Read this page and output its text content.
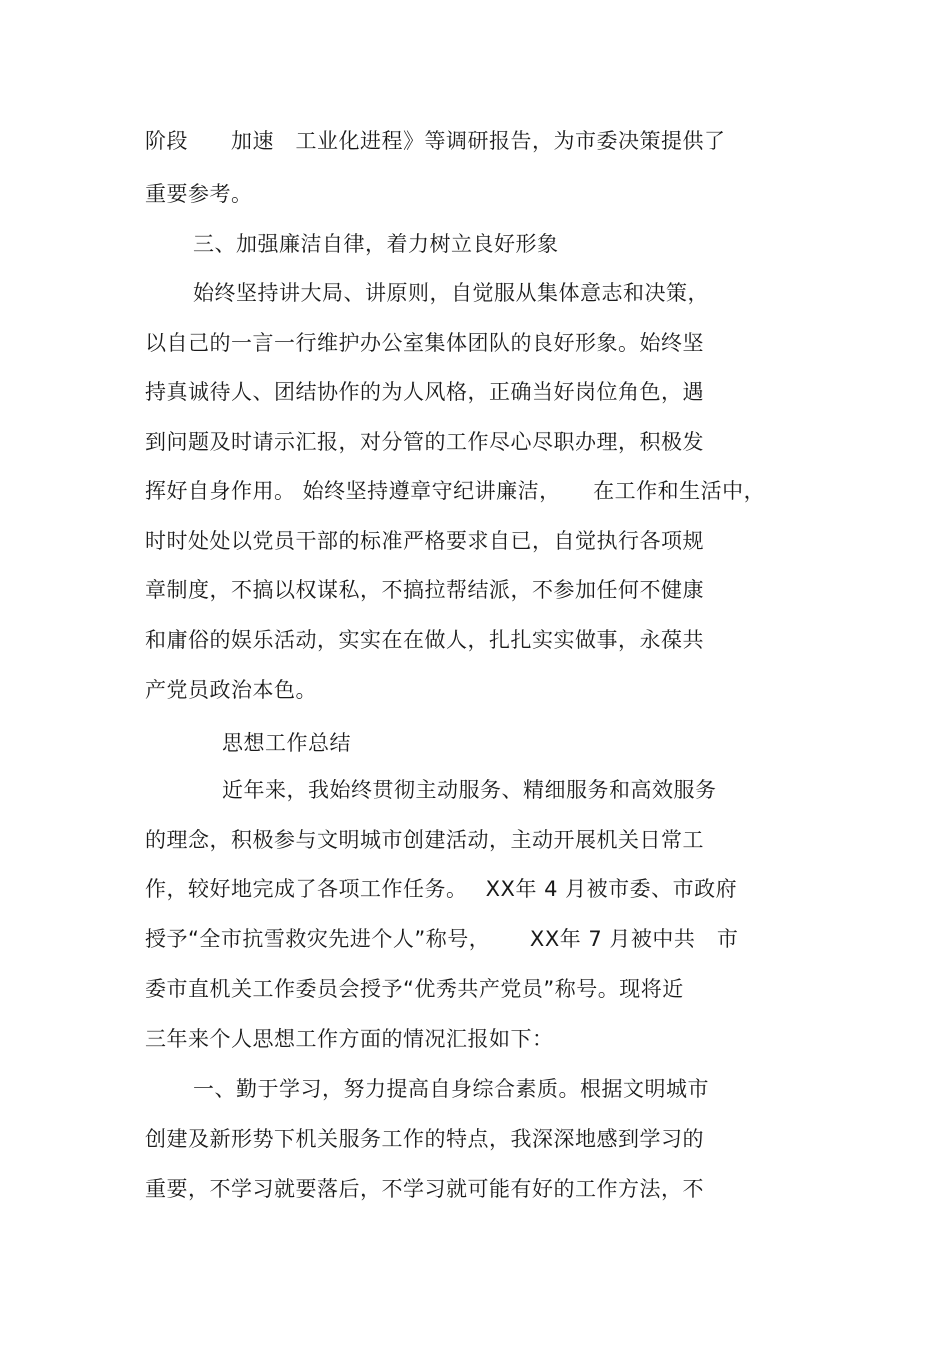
阶段　　加速　工业化进程》等调研报告，为市委决策提供了
重要参考。
三、加强廉洁自律，着力树立良好形象
始终坚持讲大局、讲原则，自觉服从集体意志和决策，
以自己的一言一行维护办公室集体团队的良好形象。始终坚
持真诚待人、团结协作的为人风格，正确当好岗位角色，遇
到问题及时请示汇报，对分管的工作尽心尽职办理，积极发
挥好自身作用。 始终坚持遵章守纪讲廉洁，　　在工作和生活中，
时时处处以党员干部的标准严格要求自已，自觉执行各项规
章制度，不搞以权谋私，不搞拉帮结派，不参加任何不健康
和庸俗的娱乐活动，实实在在做人，扎扎实实做事，永葆共
产党员政治本色。
思想工作总结
近年来，我始终贯彻主动服务、精细服务和高效服务
的理念，积极参与文明城市创建活动，主动开展机关日常工
作，较好地完成了各项工作任务。　 XX年 4 月被市委、市政府
授予“全市抗雪救灾先进个人”称号，　　 XX年 7 月被中共　市
委市直机关工作委员会授予“优秀共产党员”称号。现将近
三年来个人思想工作方面的情况汇报如下：
一、勤于学习，努力提高自身综合素质。根据文明城市
创建及新形势下机关服务工作的特点，我深深地感到学习的
重要，不学习就要落后，不学习就可能有好的工作方法，不
